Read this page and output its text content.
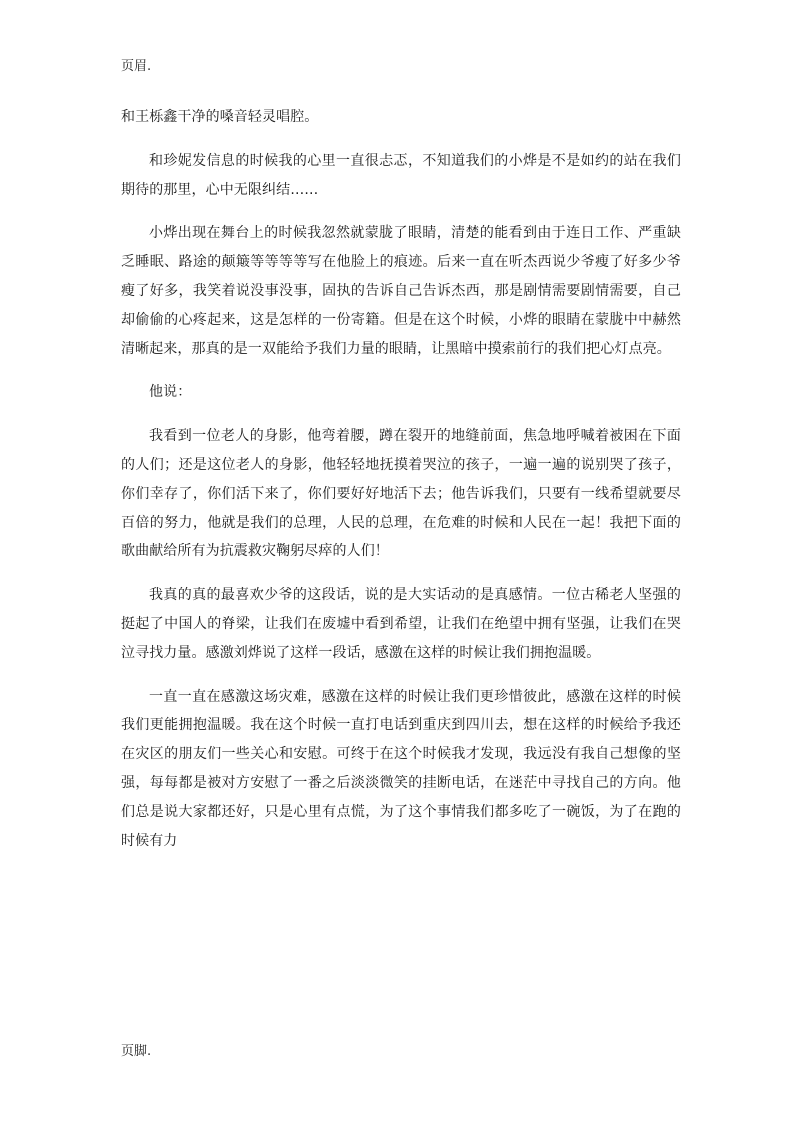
页眉.

和王栎鑫干净的嗓音轻灵唱腔。

和珍妮发信息的时候我的心里一直很忐忑，不知道我们的小烨是不是如约的站在我们期待的那里，心中无限纠结……

小烨出现在舞台上的时候我忽然就蒙胧了眼睛，清楚的能看到由于连日工作、严重缺乏睡眠、路途的颠簸等等等等写在他脸上的痕迹。后来一直在听杰西说少爷瘦了好多少爷瘦了好多，我笑着说没事没事，固执的告诉自己告诉杰西，那是剧情需要剧情需要，自己却偷偷的心疼起来，这是怎样的一份寄籍。但是在这个时候，小烨的眼睛在蒙胧中中赫然清晰起来，那真的是一双能给予我们力量的眼睛，让黑暗中摸索前行的我们把心灯点亮。

他说：

我看到一位老人的身影，他弯着腰，蹲在裂开的地缝前面，焦急地呼喊着被困在下面的人们；还是这位老人的身影，他轻轻地抚摸着哭泣的孩子，一遍一遍的说别哭了孩子，你们幸存了，你们活下来了，你们要好好地活下去；他告诉我们，只要有一线希望就要尽百倍的努力，他就是我们的总理，人民的总理，在危难的时候和人民在一起！我把下面的歌曲献给所有为抗震救灾鞠躬尽瘁的人们！

我真的真的最喜欢少爷的这段话，说的是大实话动的是真感情。一位古稀老人坚强的挺起了中国人的脊梁，让我们在废墟中看到希望，让我们在绝望中拥有坚强，让我们在哭泣寻找力量。感激刘烨说了这样一段话，感激在这样的时候让我们拥抱温暖。

一直一直在感激这场灾难，感激在这样的时候让我们更珍惜彼此，感激在这样的时候我们更能拥抱温暖。我在这个时候一直打电话到重庆到四川去，想在这样的时候给予我还在灾区的朋友们一些关心和安慰。可终于在这个时候我才发现，我远没有我自己想像的坚强，每每都是被对方安慰了一番之后淡淡微笑的挂断电话，在迷茫中寻找自己的方向。他们总是说大家都还好，只是心里有点慌，为了这个事情我们都多吃了一碗饭，为了在跑的时候有力

页脚.
